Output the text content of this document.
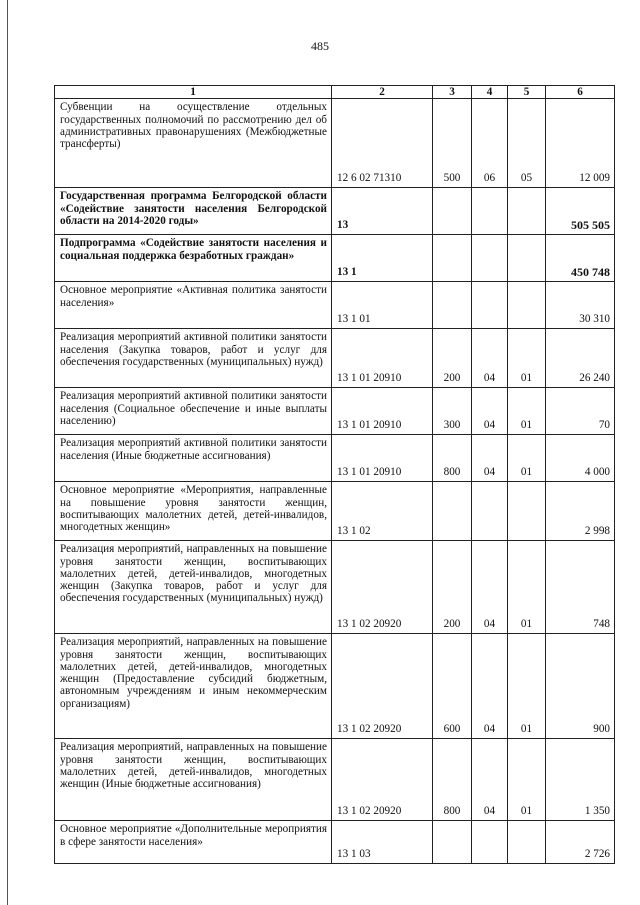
485
1	2	3	4	5	6
Субвенции на осуществление отдельных государственных полномочий по рассмотрению дел об административных правонарушениях (Межбюджетные трансферты)	12 6 02 71310	500	06	05	12 009
Государственная программа Белгородской области «Содействие занятости населения Белгородской области на 2014-2020 годы»	13				505 505
Подпрограмма «Содействие занятости населения и социальная поддержка безработных граждан»	13 1				450 748
Основное мероприятие «Активная политика занятости населения»	13 1 01				30 310
Реализация мероприятий активной политики занятости населения (Закупка товаров, работ и услуг для обеспечения государственных (муниципальных) нужд)	13 1 01 20910	200	04	01	26 240
Реализация мероприятий активной политики занятости населения (Социальное обеспечение и иные выплаты населению)	13 1 01 20910	300	04	01	70
Реализация мероприятий активной политики занятости населения (Иные бюджетные ассигнования)	13 1 01 20910	800	04	01	4 000
Основное мероприятие «Мероприятия, направленные на повышение уровня занятости женщин, воспитывающих малолетних детей, детей-инвалидов, многодетных женщин»	13 1 02				2 998
Реализация мероприятий, направленных на повышение уровня занятости женщин, воспитывающих малолетних детей, детей-инвалидов, многодетных женщин (Закупка товаров, работ и услуг для обеспечения государственных (муниципальных) нужд)	13 1 02 20920	200	04	01	748
Реализация мероприятий, направленных на повышение уровня занятости женщин, воспитывающих малолетних детей, детей-инвалидов, многодетных женщин (Предоставление субсидий бюджетным, автономным учреждениям и иным некоммерческим организациям)	13 1 02 20920	600	04	01	900
Реализация мероприятий, направленных на повышение уровня занятости женщин, воспитывающих малолетних детей, детей-инвалидов, многодетных женщин (Иные бюджетные ассигнования)	13 1 02 20920	800	04	01	1 350
Основное мероприятие «Дополнительные мероприятия в сфере занятости населения»	13 1 03				2 726
